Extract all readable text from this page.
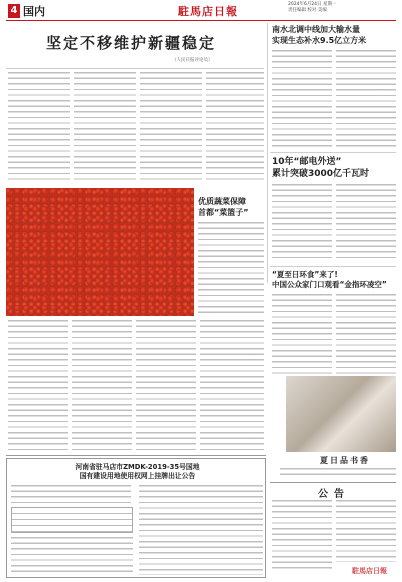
4 国内	駐馬店日報
2024年6月24日 星期一
责任编辑 校对 美编
坚定不移维护新疆稳定
（人民日报评论员）
南水北调中线加大输水量
实现生态补水9.5亿立方米
10年“邮电外送”
累计突破3000亿千瓦时
优质蔬菜保障
首都“菜篮子”
“夏至日环食”来了!
中国公众家门口观看“金指环凌空”
夏日品书香
河南省驻马店市ZMDK-2019-35号国地
国有建设用地使用权网上挂牌出让公告
公告
駐馬店日報
